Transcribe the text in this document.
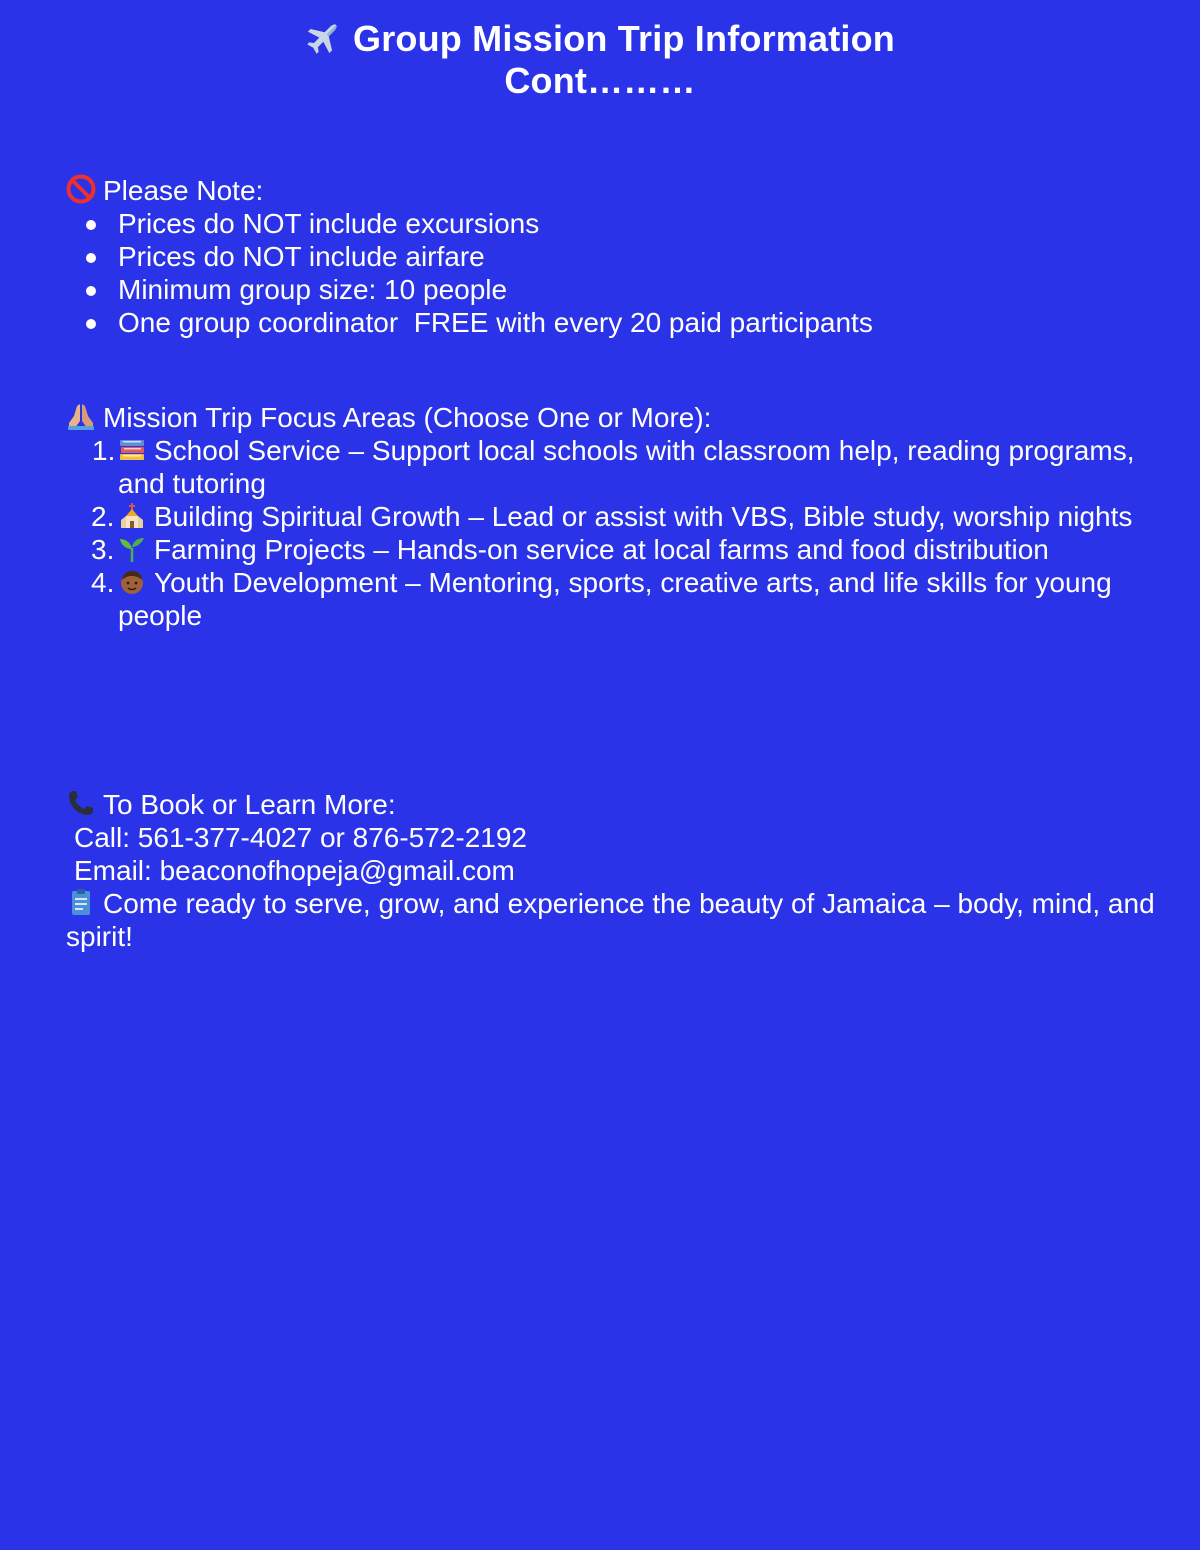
Group Mission Trip Information
Cont………
Please Note:
Prices do NOT include excursions
Prices do NOT include airfare
Minimum group size: 10 people
One group coordinator  FREE with every 20 paid participants
Mission Trip Focus Areas (Choose One or More):
1. School Service – Support local schools with classroom help, reading programs, and tutoring
2. Building Spiritual Growth – Lead or assist with VBS, Bible study, worship nights
3. Farming Projects – Hands-on service at local farms and food distribution
4. Youth Development – Mentoring, sports, creative arts, and life skills for young people
To Book or Learn More:
Call: 561-377-4027 or 876-572-2192
Email: beaconofhopeja@gmail.com
Come ready to serve, grow, and experience the beauty of Jamaica – body, mind, and spirit!
